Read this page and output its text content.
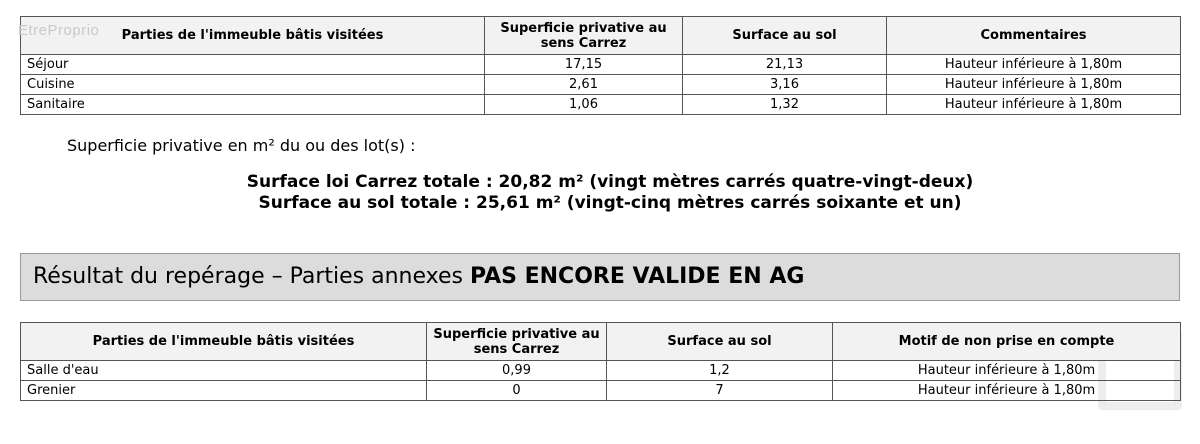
EtreProprio Parties de l'immeuble bâtis visitées	Superficie privative au sens Carrez	Surface au sol	Commentaires
Séjour	17,15	21,13	Hauteur inférieure à 1,80m
Cuisine	2,61	3,16	Hauteur inférieure à 1,80m
Sanitaire	1,06	1,32	Hauteur inférieure à 1,80m
Superficie privative en m² du ou des lot(s) :
Surface loi Carrez totale : 20,82 m² (vingt mètres carrés quatre-vingt-deux)
Surface au sol totale : 25,61 m² (vingt-cinq mètres carrés soixante et un)
Résultat du repérage – Parties annexes PAS ENCORE VALIDE EN AG
Parties de l'immeuble bâtis visitées	Superficie privative au sens Carrez	Surface au sol	Motif de non prise en compte
Salle d'eau	0,99	1,2	Hauteur inférieure à 1,80m
Grenier	0	7	Hauteur inférieure à 1,80m
